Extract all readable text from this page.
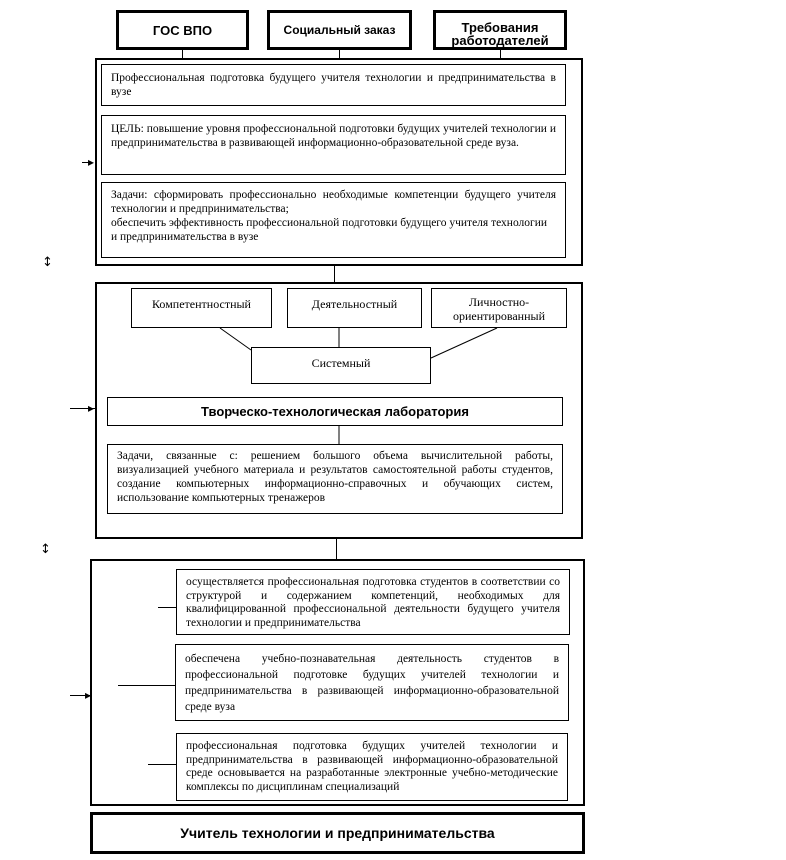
ГОС ВПО	Социальный заказ	Требования работодателей
Профессиональная подготовка будущего учителя технологии и предпринимательства в вузе
ЦЕЛЬ: повышение уровня профессиональной подготовки будущих учителей технологии и предпринимательства в развивающей информационно-образовательной среде вуза.
Задачи: сформировать профессионально необходимые компетенции будущего учителя технологии и предпринимательства;
обеспечить эффективность профессиональной подготовки будущего учителя технологии и предпринимательства в вузе
▸
↕
Компетентностный	Деятельностный	Личностно-ориентированный
Системный
Творческо-технологическая лаборатория
▸
Задачи, связанные с: решением большого объема вычислительной работы, визуализацией учебного материала и результатов самостоятельной работы студентов, создание компьютерных информационно-справочных и обучающих систем, использование компьютерных тренажеров
↕
осуществляется профессиональная подготовка студентов в соответствии со структурой и содержанием компетенций, необходимых для квалифицированной профессиональной деятельности будущего учителя технологии и предпринимательства
обеспечена учебно-познавательная деятельность студентов в профессиональной подготовке будущих учителей технологии и предпринимательства в развивающей информационно-образовательной среде вуза
профессиональная подготовка будущих учителей технологии и предпринимательства в развивающей информационно-образовательной среде основывается на разработанные электронные учебно-методические комплексы по дисциплинам специализаций
▸
Учитель технологии и предпринимательства
